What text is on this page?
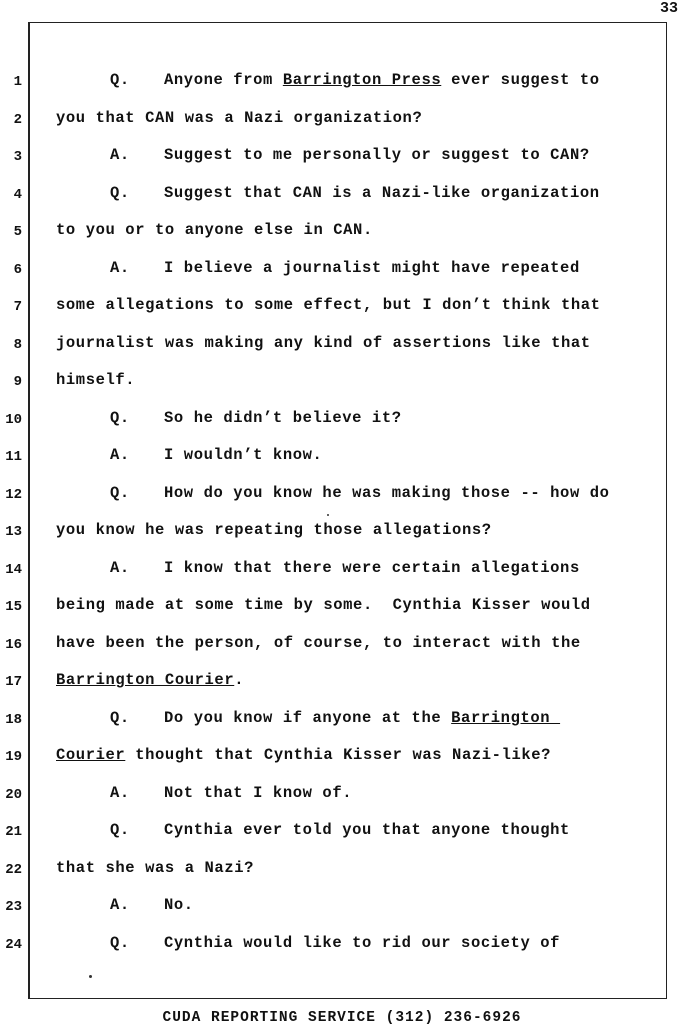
33
1	Q. Anyone from Barrington Press ever suggest to
2 you that CAN was a Nazi organization?
3	A. Suggest to me personally or suggest to CAN?
4	Q. Suggest that CAN is a Nazi-like organization
5 to you or to anyone else in CAN.
6	A. I believe a journalist might have repeated
7 some allegations to some effect, but I don’t think that
8 journalist was making any kind of assertions like that
9 himself.
10	Q. So he didn’t believe it?
11	A. I wouldn’t know.
12	Q. How do you know he was making those -- how do
13 you know he was repeating those allegations?
14	A. I know that there were certain allegations
15 being made at some time by some.  Cynthia Kisser would
16 have been the person, of course, to interact with the
17 Barrington Courier.
18	Q. Do you know if anyone at the Barrington
19 Courier thought that Cynthia Kisser was Nazi-like?
20	A. Not that I know of.
21	Q. Cynthia ever told you that anyone thought
22 that she was a Nazi?
23	A. No.
24	Q. Cynthia would like to rid our society of
CUDA REPORTING SERVICE (312) 236-6926
